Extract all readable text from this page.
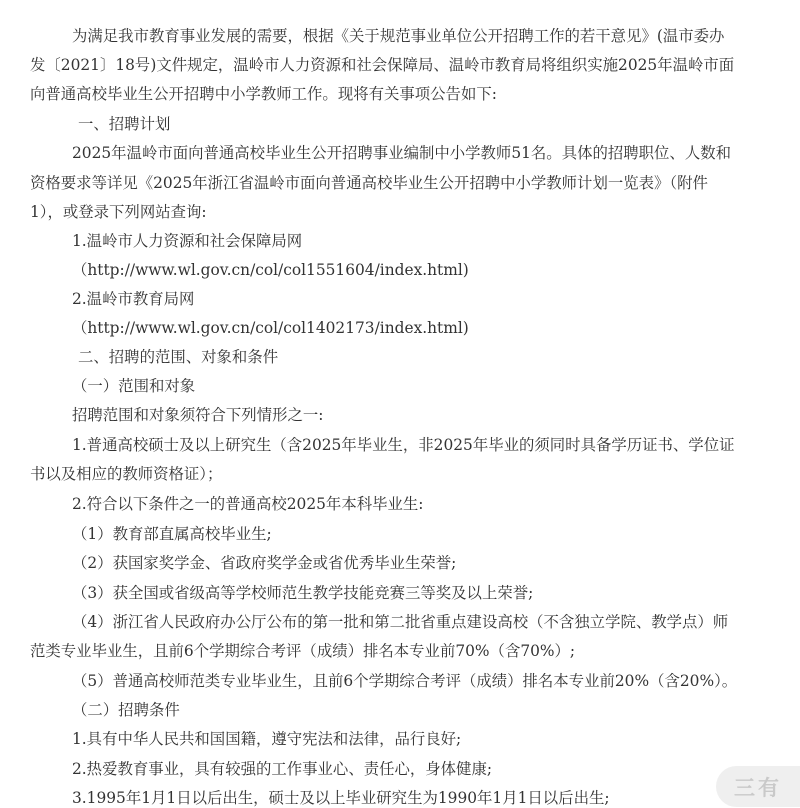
为满足我市教育事业发展的需要，根据《关于规范事业单位公开招聘工作的若干意见》(温市委办
发〔2021〕18号)文件规定，温岭市人力资源和社会保障局、温岭市教育局将组织实施2025年温岭市面
向普通高校毕业生公开招聘中小学教师工作。现将有关事项公告如下:
一、招聘计划
2025年温岭市面向普通高校毕业生公开招聘事业编制中小学教师51名。具体的招聘职位、人数和
资格要求等详见《2025年浙江省温岭市面向普通高校毕业生公开招聘中小学教师计划一览表》（附件
1），或登录下列网站查询:
1.温岭市人力资源和社会保障局网
（http://www.wl.gov.cn/col/col1551604/index.html)
2.温岭市教育局网
（http://www.wl.gov.cn/col/col1402173/index.html)
二、招聘的范围、对象和条件
（一）范围和对象
招聘范围和对象须符合下列情形之一:
1.普通高校硕士及以上研究生（含2025年毕业生，非2025年毕业的须同时具备学历证书、学位证
书以及相应的教师资格证）；
2.符合以下条件之一的普通高校2025年本科毕业生:
（1）教育部直属高校毕业生;
（2）获国家奖学金、省政府奖学金或省优秀毕业生荣誉;
（3）获全国或省级高等学校师范生教学技能竞赛三等奖及以上荣誉;
（4）浙江省人民政府办公厅公布的第一批和第二批省重点建设高校（不含独立学院、教学点）师
范类专业毕业生，且前6个学期综合考评（成绩）排名本专业前70%（含70%）;
（5）普通高校师范类专业毕业生，且前6个学期综合考评（成绩）排名本专业前20%（含20%）。
（二）招聘条件
1.具有中华人民共和国国籍，遵守宪法和法律，品行良好;
2.热爱教育事业，具有较强的工作事业心、责任心，身体健康;
3.1995年1月1日以后出生，硕士及以上毕业研究生为1990年1月1日以后出生;	三有
